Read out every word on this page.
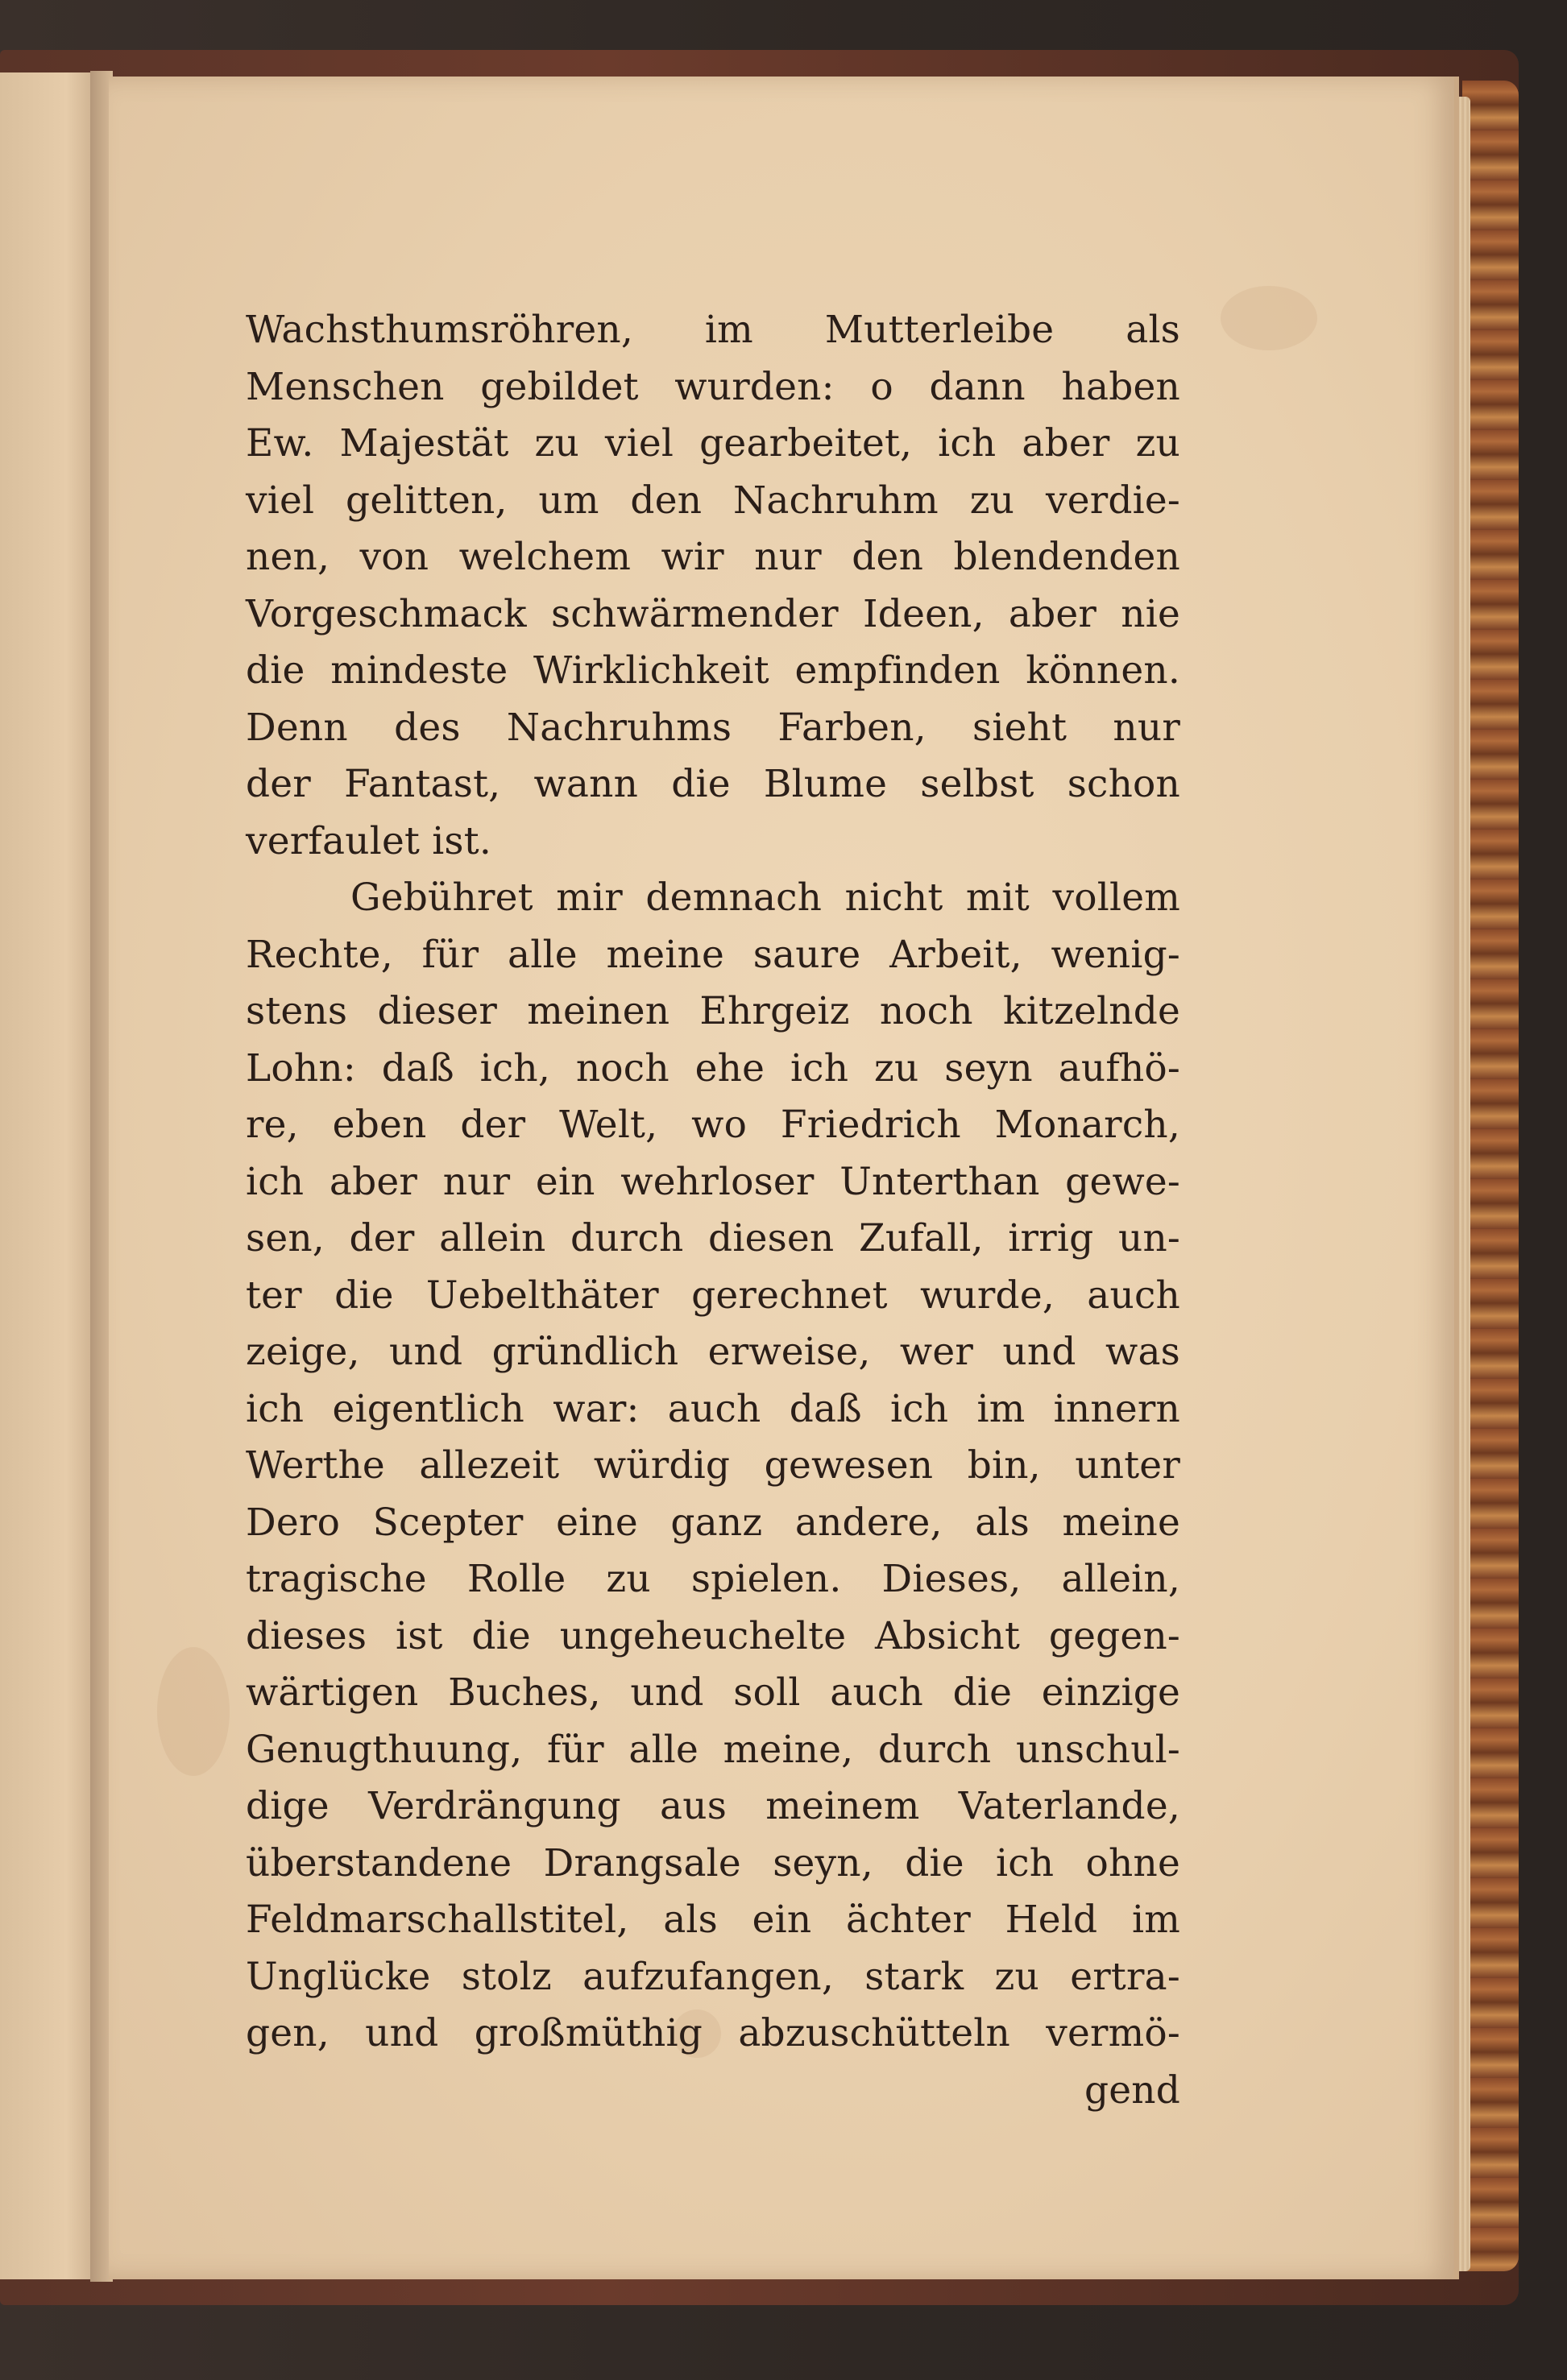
Wachsthumsröhren, im Mutterleibe als
Menschen gebildet wurden: o dann haben
Ew. Majestät zu viel gearbeitet, ich aber zu
viel gelitten, um den Nachruhm zu verdie-
nen, von welchem wir nur den blendenden
Vorgeschmack schwärmender Ideen, aber nie
die mindeste Wirklichkeit empfinden können.
Denn des Nachruhms Farben, sieht nur
der Fantast, wann die Blume selbst schon
verfaulet ist.
Gebühret mir demnach nicht mit vollem
Rechte, für alle meine saure Arbeit, wenig-
stens dieser meinen Ehrgeiz noch kitzelnde
Lohn: daß ich, noch ehe ich zu seyn aufhö-
re, eben der Welt, wo Friedrich Monarch,
ich aber nur ein wehrloser Unterthan gewe-
sen, der allein durch diesen Zufall, irrig un-
ter die Uebelthäter gerechnet wurde, auch
zeige, und gründlich erweise, wer und was
ich eigentlich war: auch daß ich im innern
Werthe allezeit würdig gewesen bin, unter
Dero Scepter eine ganz andere, als meine
tragische Rolle zu spielen. Dieses, allein,
dieses ist die ungeheuchelte Absicht gegen-
wärtigen Buches, und soll auch die einzige
Genugthuung, für alle meine, durch unschul-
dige Verdrängung aus meinem Vaterlande,
überstandene Drangsale seyn, die ich ohne
Feldmarschallstitel, als ein ächter Held im
Unglücke stolz aufzufangen, stark zu ertra-
gen, und großmüthig abzuschütteln vermö-
gend
